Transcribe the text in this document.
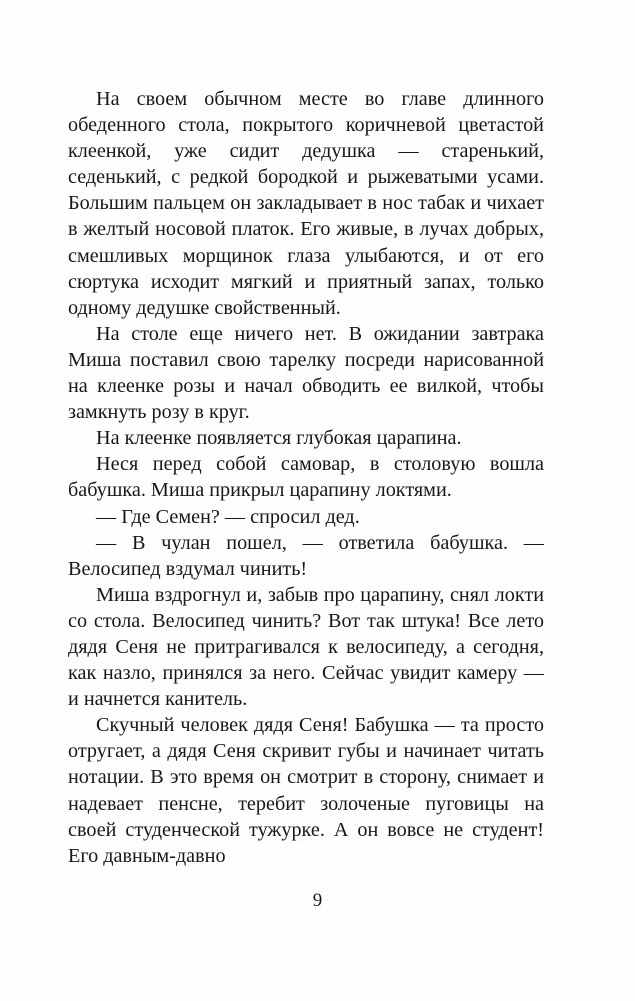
На своем обычном месте во главе длинного обеденного стола, покрытого коричневой цветастой клеенкой, уже сидит дедушка — старенький, седенький, с редкой бородкой и рыжеватыми усами. Большим пальцем он закладывает в нос табак и чихает в желтый носовой платок. Его живые, в лучах добрых, смешливых морщинок глаза улыбаются, и от его сюртука исходит мягкий и приятный запах, только одному дедушке свойственный.

На столе еще ничего нет. В ожидании завтрака Миша поставил свою тарелку посреди нарисованной на клеенке розы и начал обводить ее вилкой, чтобы замкнуть розу в круг.

На клеенке появляется глубокая царапина.

Неся перед собой самовар, в столовую вошла бабушка. Миша прикрыл царапину локтями.

— Где Семен? — спросил дед.

— В чулан пошел, — ответила бабушка. — Велосипед вздумал чинить!

Миша вздрогнул и, забыв про царапину, снял локти со стола. Велосипед чинить? Вот так штука! Все лето дядя Сеня не притрагивался к велосипеду, а сегодня, как назло, принялся за него. Сейчас увидит камеру — и начнется канитель.

Скучный человек дядя Сеня! Бабушка — та просто отругает, а дядя Сеня скривит губы и начинает читать нотации. В это время он смотрит в сторону, снимает и надевает пенсне, теребит золоченые пуговицы на своей студенческой тужурке. А он вовсе не студент! Его давным-давно

9
